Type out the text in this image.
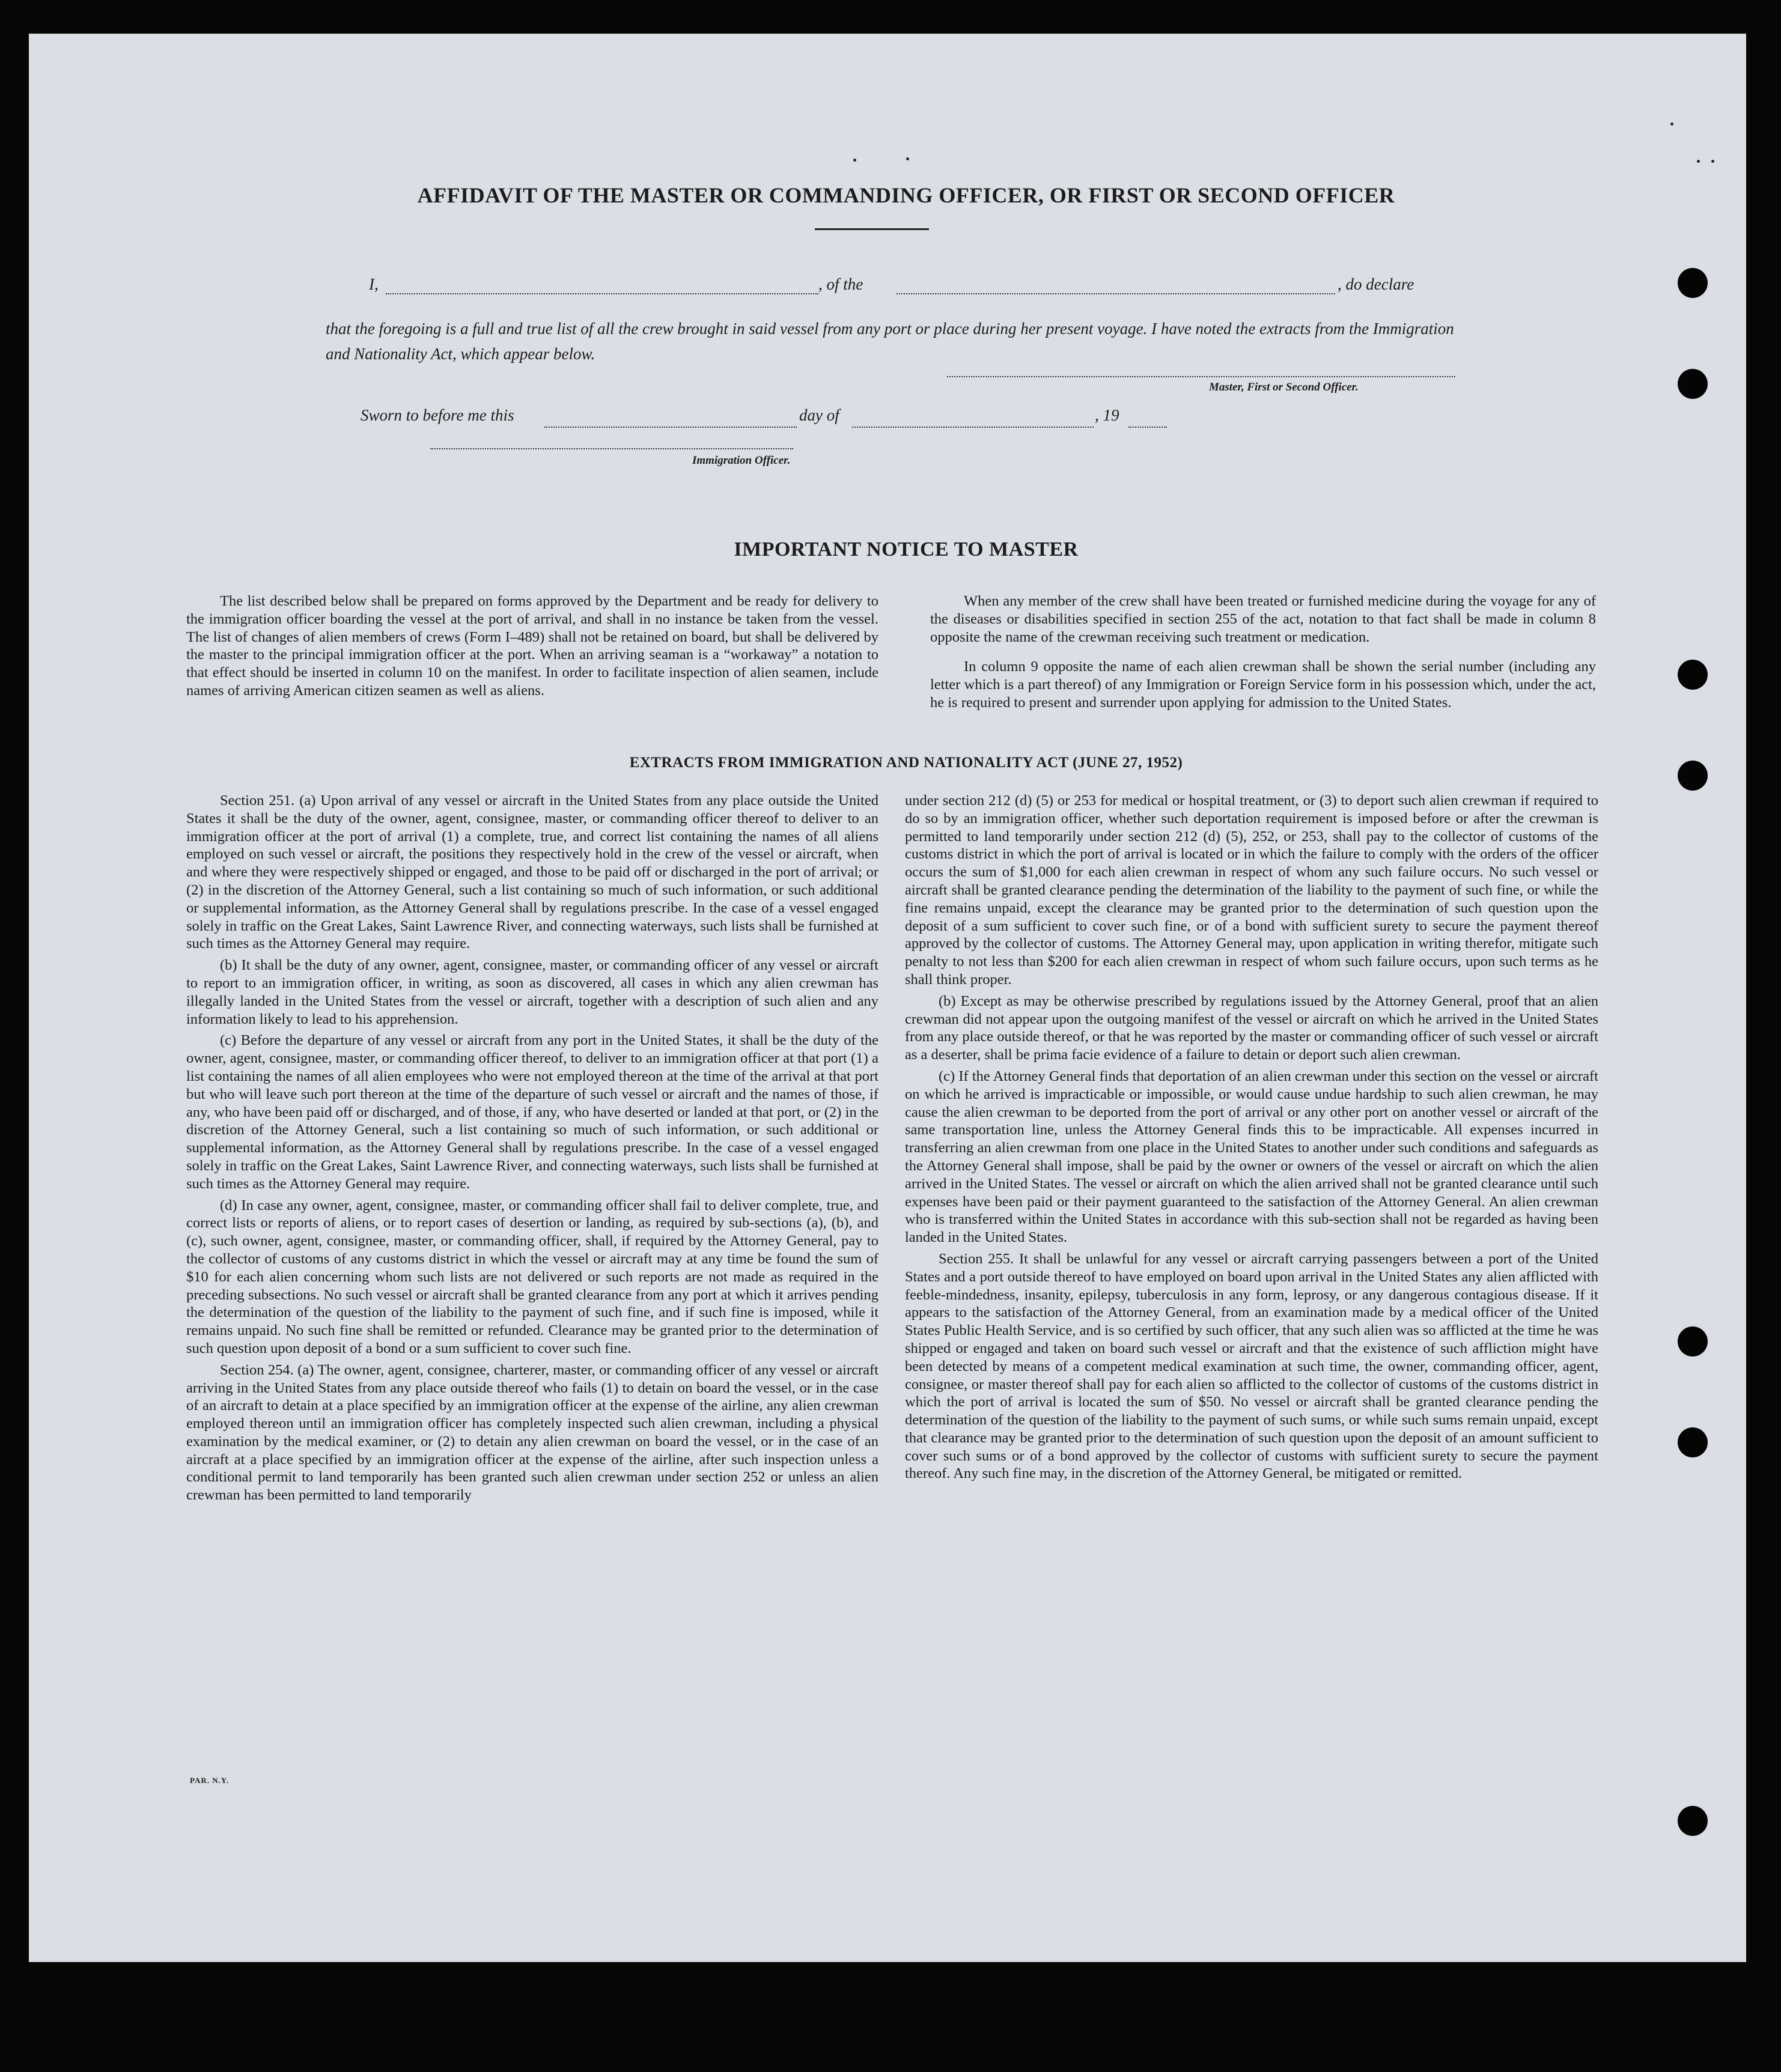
AFFIDAVIT OF THE MASTER OR COMMANDING OFFICER, OR FIRST OR SECOND OFFICER
I,	, of the	, do declare

that the foregoing is a full and true list of all the crew brought in said vessel from any port or place during her present voyage. I have noted the extracts from the Immigration and Nationality Act, which appear below.

Master, First or Second Officer.
Sworn to before me this	day of	, 19
Immigration Officer.
IMPORTANT NOTICE TO MASTER

The list described below shall be prepared on forms approved by the Department and be ready for delivery to the immigration officer boarding the vessel at the port of arrival, and shall in no instance be taken from the vessel. The list of changes of alien members of crews (Form I–489) shall not be retained on board, but shall be delivered by the master to the principal immigration officer at the port. When an arriving seaman is a “workaway” a notation to that effect should be inserted in column 10 on the manifest. In order to facilitate inspection of alien seamen, include names of arriving American citizen seamen as well as aliens.

When any member of the crew shall have been treated or furnished medicine during the voyage for any of the diseases or disabilities specified in section 255 of the act, notation to that fact shall be made in column 8 opposite the name of the crewman receiving such treatment or medication.

In column 9 opposite the name of each alien crewman shall be shown the serial number (including any letter which is a part thereof) of any Immigration or Foreign Service form in his possession which, under the act, he is required to present and surrender upon applying for admission to the United States.

EXTRACTS FROM IMMIGRATION AND NATIONALITY ACT (JUNE 27, 1952)

Section 251. (a) Upon arrival of any vessel or aircraft in the United States from any place outside the United States it shall be the duty of the owner, agent, consignee, master, or commanding officer thereof to deliver to an immigration officer at the port of arrival (1) a complete, true, and correct list containing the names of all aliens employed on such vessel or aircraft, the positions they respectively hold in the crew of the vessel or aircraft, when and where they were respectively shipped or engaged, and those to be paid off or discharged in the port of arrival; or (2) in the discretion of the Attorney General, such a list containing so much of such information, or such additional or supplemental information, as the Attorney General shall by regulations prescribe. In the case of a vessel engaged solely in traffic on the Great Lakes, Saint Lawrence River, and connecting waterways, such lists shall be furnished at such times as the Attorney General may require.

(b) It shall be the duty of any owner, agent, consignee, master, or commanding officer of any vessel or aircraft to report to an immigration officer, in writing, as soon as discovered, all cases in which any alien crewman has illegally landed in the United States from the vessel or aircraft, together with a description of such alien and any information likely to lead to his apprehension.

(c) Before the departure of any vessel or aircraft from any port in the United States, it shall be the duty of the owner, agent, consignee, master, or commanding officer thereof, to deliver to an immigration officer at that port (1) a list containing the names of all alien employees who were not employed thereon at the time of the arrival at that port but who will leave such port thereon at the time of the departure of such vessel or aircraft and the names of those, if any, who have been paid off or discharged, and of those, if any, who have deserted or landed at that port, or (2) in the discretion of the Attorney General, such a list containing so much of such information, or such additional or supplemental information, as the Attorney General shall by regulations prescribe. In the case of a vessel engaged solely in traffic on the Great Lakes, Saint Lawrence River, and connecting waterways, such lists shall be furnished at such times as the Attorney General may require.

(d) In case any owner, agent, consignee, master, or commanding officer shall fail to deliver complete, true, and correct lists or reports of aliens, or to report cases of desertion or landing, as required by sub-sections (a), (b), and (c), such owner, agent, consignee, master, or commanding officer, shall, if required by the Attorney General, pay to the collector of customs of any customs district in which the vessel or aircraft may at any time be found the sum of $10 for each alien concerning whom such lists are not delivered or such reports are not made as required in the preceding subsections. No such vessel or aircraft shall be granted clearance from any port at which it arrives pending the determination of the question of the liability to the payment of such fine, and if such fine is imposed, while it remains unpaid. No such fine shall be remitted or refunded. Clearance may be granted prior to the determination of such question upon deposit of a bond or a sum sufficient to cover such fine.

Section 254. (a) The owner, agent, consignee, charterer, master, or commanding officer of any vessel or aircraft arriving in the United States from any place outside thereof who fails (1) to detain on board the vessel, or in the case of an aircraft to detain at a place specified by an immigration officer at the expense of the airline, any alien crewman employed thereon until an immigration officer has completely inspected such alien crewman, including a physical examination by the medical examiner, or (2) to detain any alien crewman on board the vessel, or in the case of an aircraft at a place specified by an immigration officer at the expense of the airline, after such inspection unless a conditional permit to land temporarily has been granted such alien crewman under section 252 or unless an alien crewman has been permitted to land temporarily

under section 212 (d) (5) or 253 for medical or hospital treatment, or (3) to deport such alien crewman if required to do so by an immigration officer, whether such deportation requirement is imposed before or after the crewman is permitted to land temporarily under section 212 (d) (5), 252, or 253, shall pay to the collector of customs of the customs district in which the port of arrival is located or in which the failure to comply with the orders of the officer occurs the sum of $1,000 for each alien crewman in respect of whom any such failure occurs. No such vessel or aircraft shall be granted clearance pending the determination of the liability to the payment of such fine, or while the fine remains unpaid, except the clearance may be granted prior to the determination of such question upon the deposit of a sum sufficient to cover such fine, or of a bond with sufficient surety to secure the payment thereof approved by the collector of customs. The Attorney General may, upon application in writing therefor, mitigate such penalty to not less than $200 for each alien crewman in respect of whom such failure occurs, upon such terms as he shall think proper.

(b) Except as may be otherwise prescribed by regulations issued by the Attorney General, proof that an alien crewman did not appear upon the outgoing manifest of the vessel or aircraft on which he arrived in the United States from any place outside thereof, or that he was reported by the master or commanding officer of such vessel or aircraft as a deserter, shall be prima facie evidence of a failure to detain or deport such alien crewman.

(c) If the Attorney General finds that deportation of an alien crewman under this section on the vessel or aircraft on which he arrived is impracticable or impossible, or would cause undue hardship to such alien crewman, he may cause the alien crewman to be deported from the port of arrival or any other port on another vessel or aircraft of the same transportation line, unless the Attorney General finds this to be impracticable. All expenses incurred in transferring an alien crewman from one place in the United States to another under such conditions and safeguards as the Attorney General shall impose, shall be paid by the owner or owners of the vessel or aircraft on which the alien arrived in the United States. The vessel or aircraft on which the alien arrived shall not be granted clearance until such expenses have been paid or their payment guaranteed to the satisfaction of the Attorney General. An alien crewman who is transferred within the United States in accordance with this sub-section shall not be regarded as having been landed in the United States.

Section 255. It shall be unlawful for any vessel or aircraft carrying passengers between a port of the United States and a port outside thereof to have employed on board upon arrival in the United States any alien afflicted with feeble-mindedness, insanity, epilepsy, tuberculosis in any form, leprosy, or any dangerous contagious disease. If it appears to the satisfaction of the Attorney General, from an examination made by a medical officer of the United States Public Health Service, and is so certified by such officer, that any such alien was so afflicted at the time he was shipped or engaged and taken on board such vessel or aircraft and that the existence of such affliction might have been detected by means of a competent medical examination at such time, the owner, commanding officer, agent, consignee, or master thereof shall pay for each alien so afflicted to the collector of customs of the customs district in which the port of arrival is located the sum of $50. No vessel or aircraft shall be granted clearance pending the determination of the question of the liability to the payment of such sums, or while such sums remain unpaid, except that clearance may be granted prior to the determination of such question upon the deposit of an amount sufficient to cover such sums or of a bond approved by the collector of customs with sufficient surety to secure the payment thereof. Any such fine may, in the discretion of the Attorney General, be mitigated or remitted.

PAR. N.Y.
